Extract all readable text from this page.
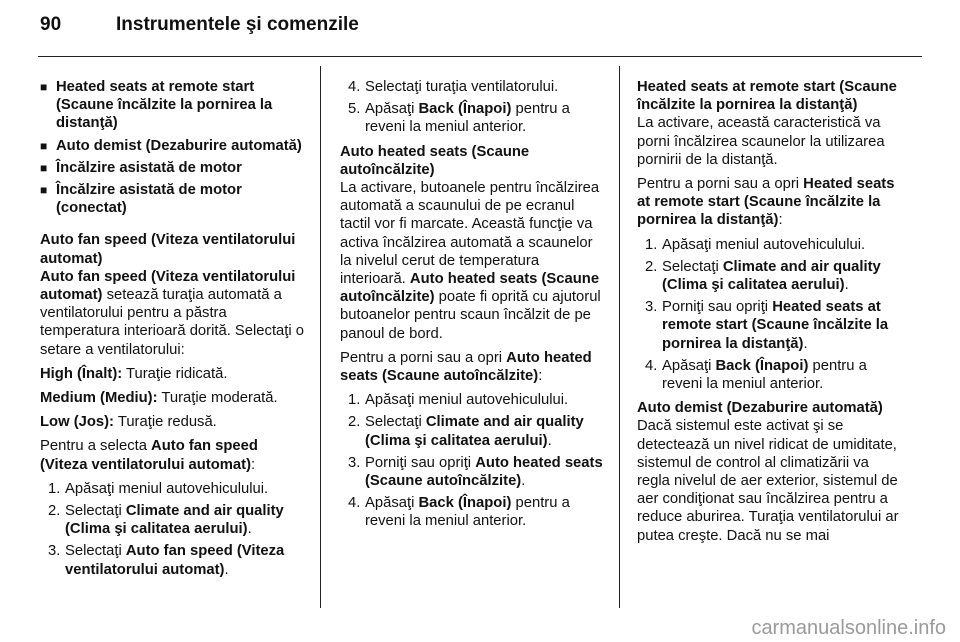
90	Instrumentele şi comenzile
■ Heated seats at remote start (Scaune încălzite la pornirea la distanţă)
■ Auto demist (Dezaburire automată)
■ Încălzire asistată de motor
■ Încălzire asistată de motor (conectat)
Auto fan speed (Viteza ventilatorului automat)

Auto fan speed (Viteza ventilatorului automat) setează turaţia automată a ventilatorului pentru a păstra temperatura interioară dorită. Selectaţi o setare a ventilatorului:

High (Înalt): Turaţie ridicată.

Medium (Mediu): Turaţie moderată.

Low (Jos): Turaţie redusă.

Pentru a selecta Auto fan speed (Viteza ventilatorului automat):

1. Apăsaţi meniul autovehiculului.
2. Selectaţi Climate and air quality (Clima şi calitatea aerului).
3. Selectaţi Auto fan speed (Viteza ventilatorului automat).
4. Selectaţi turaţia ventilatorului.
5. Apăsaţi Back (Înapoi) pentru a reveni la meniul anterior.
Auto heated seats (Scaune autoîncălzite)

La activare, butoanele pentru încălzirea automată a scaunului de pe ecranul tactil vor fi marcate. Această funcţie va activa încălzirea automată a scaunelor la nivelul cerut de temperatura interioară. Auto heated seats (Scaune autoîncălzite) poate fi oprită cu ajutorul butoanelor pentru scaun încălzit de pe panoul de bord.

Pentru a porni sau a opri Auto heated seats (Scaune autoîncălzite):

1. Apăsaţi meniul autovehiculului.
2. Selectaţi Climate and air quality (Clima şi calitatea aerului).
3. Porniţi sau opriţi Auto heated seats (Scaune autoîncălzite).
4. Apăsaţi Back (Înapoi) pentru a reveni la meniul anterior.
Heated seats at remote start (Scaune încălzite la pornirea la distanţă)

La activare, această caracteristică va porni încălzirea scaunelor la utilizarea pornirii de la distanţă.

Pentru a porni sau a opri Heated seats at remote start (Scaune încălzite la pornirea la distanţă):

1. Apăsaţi meniul autovehiculului.
2. Selectaţi Climate and air quality (Clima şi calitatea aerului).
3. Porniţi sau opriţi Heated seats at remote start (Scaune încălzite la pornirea la distanţă).
4. Apăsaţi Back (Înapoi) pentru a reveni la meniul anterior.
Auto demist (Dezaburire automată)

Dacă sistemul este activat şi se detectează un nivel ridicat de umiditate, sistemul de control al climatizării va regla nivelul de aer exterior, sistemul de aer condiţionat sau încălzirea pentru a reduce aburirea. Turaţia ventilatorului ar putea creşte. Dacă nu se mai

carmanualsonline.info
